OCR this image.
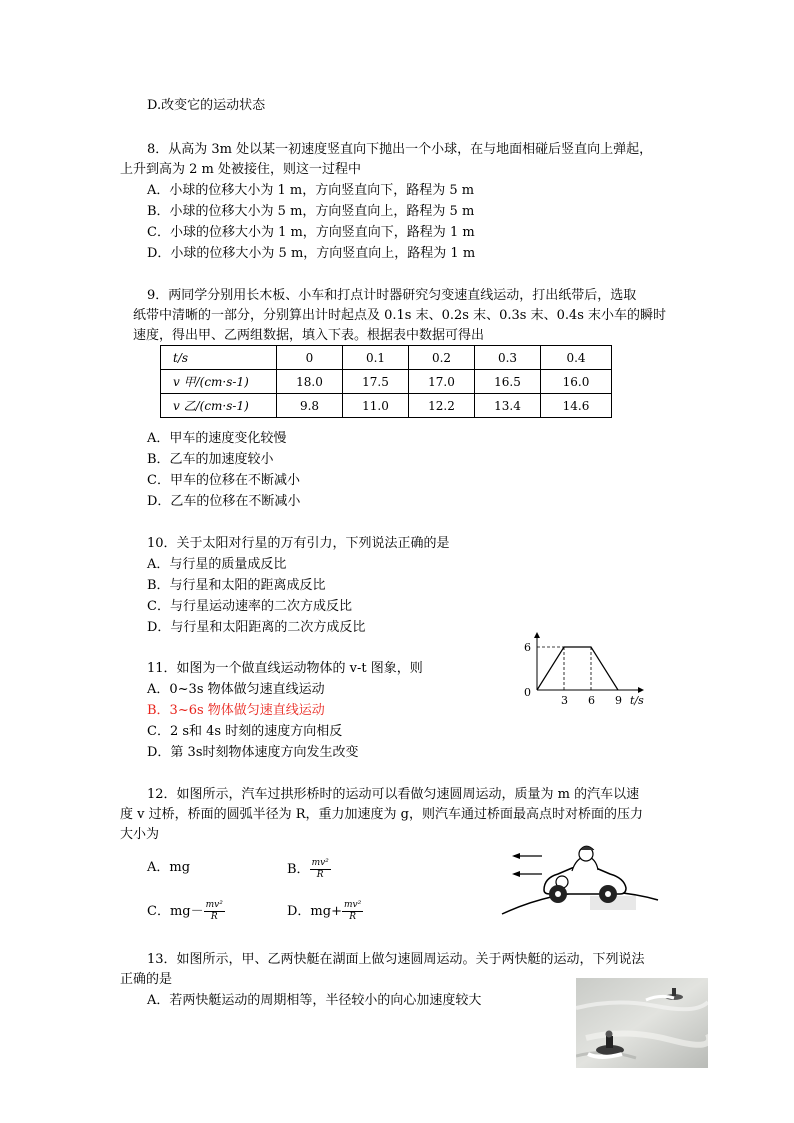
D.改变它的运动状态
8．从高为 3m 处以某一初速度竖直向下抛出一个小球，在与地面相碰后竖直向上弹起，
上升到高为 2 m 处被接住，则这一过程中
A．小球的位移大小为 1 m，方向竖直向下，路程为 5 m
B．小球的位移大小为 5 m，方向竖直向上，路程为 5 m
C．小球的位移大小为 1 m，方向竖直向下，路程为 1 m
D．小球的位移大小为 5 m，方向竖直向上，路程为 1 m
9．两同学分别用长木板、小车和打点计时器研究匀变速直线运动，打出纸带后，选取
纸带中清晰的一部分，分别算出计时起点及 0.1s 末、0.2s 末、0.3s 末、0.4s 末小车的瞬时
速度，得出甲、乙两组数据，填入下表。根据表中数据可得出
t/s	0	0.1	0.2	0.3	0.4
v 甲/(cm·s-1)	18.0	17.5	17.0	16.5	16.0
v 乙/(cm·s-1)	9.8	11.0	12.2	13.4	14.6
A．甲车的速度变化较慢
B．乙车的加速度较小
C．甲车的位移在不断减小
D．乙车的位移在不断减小
10．关于太阳对行星的万有引力，下列说法正确的是
A．与行星的质量成反比
B．与行星和太阳的距离成反比
C．与行星运动速率的二次方成反比
D．与行星和太阳距离的二次方成反比
11．如图为一个做直线运动物体的 v-t 图象，则
A．0~3s 物体做匀速直线运动
B．3~6s 物体做匀速直线运动
C．2 s和 4s 时刻的速度方向相反
D．第 3s时刻物体速度方向发生改变
6
0
3 6 9 t/s
12．如图所示，汽车过拱形桥时的运动可以看做匀速圆周运动，质量为 m 的汽车以速
度 v 过桥，桥面的圆弧半径为 R，重力加速度为 g，则汽车通过桥面最高点时对桥面的压力
大小为
A．mg	B． $\frac{\text{mv²}}{R}$
C．$mg- \frac{\text{mv²}}{R}$	D．$mg+ \frac{\text{mv²}}{R}$
13．如图所示，甲、乙两快艇在湖面上做匀速圆周运动。关于两快艇的运动，下列说法
正确的是
A．若两快艇运动的周期相等，半径较小的向心加速度较大
